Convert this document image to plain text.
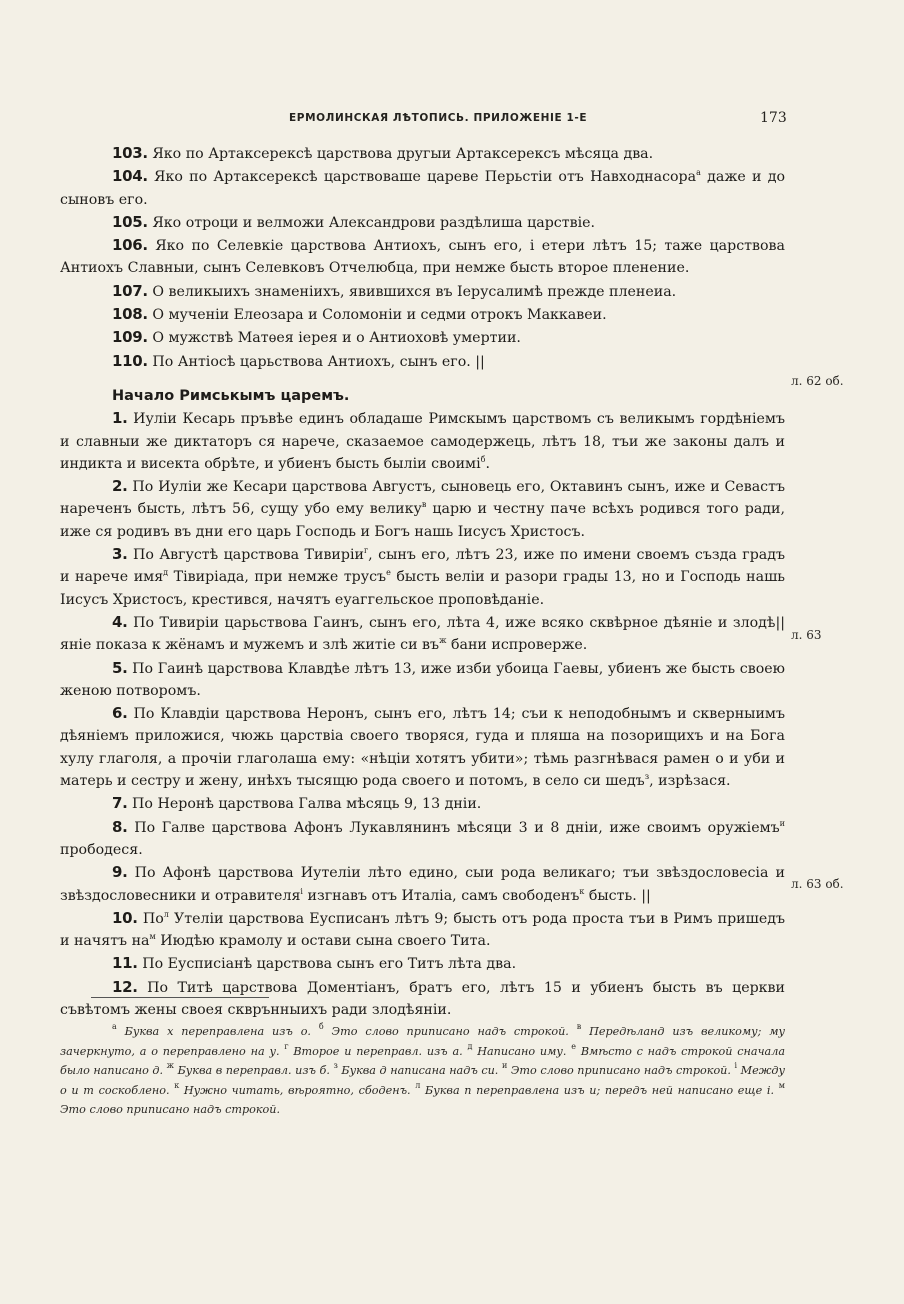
ЕРМОЛИНСКАЯ ЛѢТОПИСЬ. ПРИЛОЖЕНІЕ 1-Е	173

103. Яко по Артаксерексѣ царствова другыи Артаксерексъ мѣсяца два.

104. Яко по Артаксерексѣ царствоваше цареве Перьстіи отъ Навходнасора$^а$ даже и до сыновъ его.

105. Яко отроци и велможи Александрови раздѣлиша царствіе.

106. Яко по Селевкіе царствова Антиохъ, сынъ его, і етери лѣтъ 15; таже царствова Антиохъ Славныи, сынъ Селевковъ Отчелюбца, при немже бысть второе пленение.

107. О великыихъ знаменіихъ, явившихся въ Іерусалимѣ прежде пленеиа.

108. О мученіи Елеозара и Соломоніи и седми отрокъ Маккавеи.

109. О мужствѣ Матѳея іерея и о Антиоховѣ умертии.

110. По Антіосѣ царьствова Антиохъ, сынъ его. ||

Начало Римськымъ царемъ.

1. Иуліи Кесарь пръвѣе единъ обладаше Римскымъ царствомъ съ великымъ гордѣніемъ и славныи же диктаторъ ся нарече, сказаемое самодержець, лѣтъ 18, тъи же законы далъ и индикта и висекта обрѣте, и убиенъ бысть быліи своимі$^б$.

2. По Иуліи же Кесари царствова Августъ, сыновець его, Октавинъ сынъ, иже и Севастъ нареченъ бысть, лѣтъ 56, сущу убо ему велику$^в$ царю и честну паче всѣхъ родився того ради, иже ся родивъ въ дни его царь Господь и Богъ нашь Іисусъ Христосъ.

3. По Августѣ царствова Тивиріи$^г$, сынъ его, лѣтъ 23, иже по имени своемъ създа градъ и нарече имя$^д$ Тівиріада, при немже трусъ$^е$ бысть веліи и разори грады 13, но и Господь нашь Іисусъ Христосъ, крестився, начятъ еуаггельское проповѣданіе.

4. По Тивиріи царьствова Гаинъ, сынъ его, лѣта 4, иже всяко сквѣрное дѣяніе и злодѣ||яніе показа к жёнамъ и мужемъ и злѣ житіе си $въ^ж$ бани испроверже.

5. По Гаинѣ царствова Клавдѣе лѣтъ 13, иже изби убоица Гаевы, убиенъ же бысть своею женою потворомъ.

6. По Клавдіи царствова Неронъ, сынъ его, лѣтъ 14; съи к неподобнымъ и скверныимъ дѣяніемъ приложися, чюжь царствіа своего творяся, гуда и пляша на позорищихъ и на Бога хулу глаголя, а прочіи глаголаша ему: «нѣціи хотятъ убити»; тѣмь разгнѣвася рамен о и уби и матерь и сестру и жену, инѣхъ тысящю рода своего и потомъ, в село си шедъ$^з$, изрѣзася.

7. По Неронѣ царствова Галва мѣсяць 9, 13 дніи.

8. По Галве царствова Афонъ Лукавлянинъ мѣсяци 3 и 8 дніи, иже своимъ оружіемъ$^и$ прободеся.

9. По Афонѣ царствова Иутеліи лѣто едино, сыи рода великаго; тъи звѣздословесіа и звѣздословесники и отравителя$^і$ изгнавъ отъ Италіа, самъ свободенъ$^к$ бысть. ||

10. $По^л$ Утеліи царствова Еусписанъ лѣтъ 9; бысть отъ рода проста тъи в Римъ пришедъ и начятъ $на^м$ Июдѣю крамолу и остави сына своего Тита.

11. По Еусписіанѣ царствова сынъ его Титъ лѣта два.

12. По Титѣ царствова Доментіанъ, братъ его, лѣтъ 15 и убиенъ бысть въ церкви съвѣтомъ жены своея скврънныихъ ради злодѣяніи.

л. 62 об.
л. 63
л. 63 об.
$^а$ Буква х переправлена изъ о. $^б$ Это слово приписано надъ строкой. $^в$ Передѣланд изъ великому; му зачеркнуто, а о переправлено на у. $^г$ Второе и переправл. изъ а. $^д$ Написано иму. $^е$ Вмѣсто с надъ строкой сначала было написано д. $^ж$ Буква в переправл. изъ б. $^з$ Буква д написана надъ си. $^и$ Это слово приписано надъ строкой. $^і$ Между о и т соскоблено. $^к$ Нужно читать, вѣроятно, сбоденъ. $^л$ Буква п переправлена изъ и; передъ ней написано еще і. $^м$ Это слово приписано надъ строкой.
